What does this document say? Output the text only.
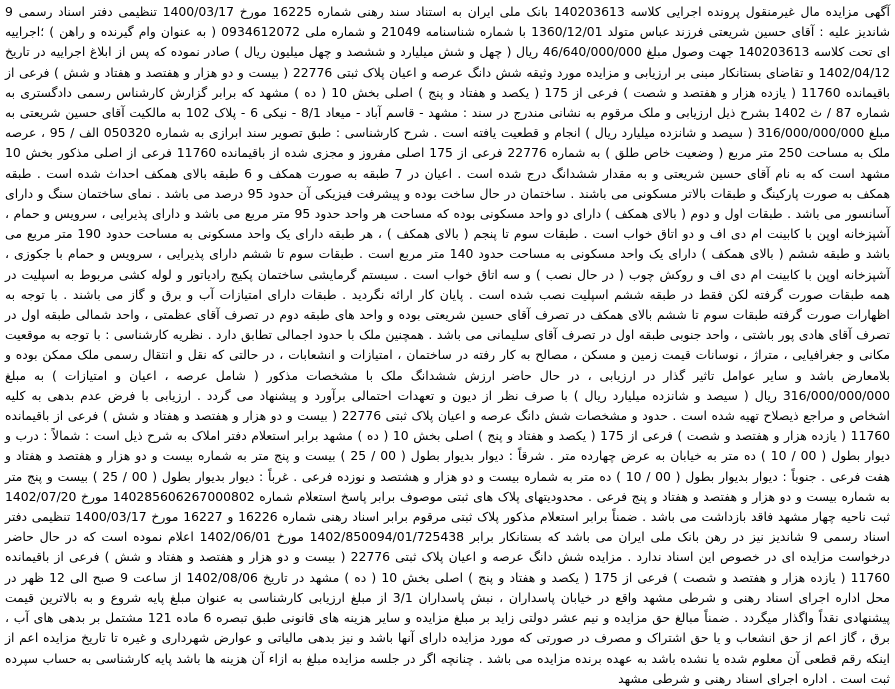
آگهی مزایده مال غیرمنقول پرونده اجرایی کلاسه 140203613 بانک ملی ایران به استناد سند رهنی شماره 16225 مورخ 1400/03/17 تنظیمی دفتر اسناد رسمی 9 شاندیز علیه : آقای حسین شریعتی فرزند عباس متولد 1360/12/01 با شماره شناسنامه 21049 و شماره ملی 0934612072 ( به عنوان وام گیرنده و راهن ) ؛اجراییه ای تحت کلاسه 140203613 جهت وصول مبلغ 46/640/000/000 ریال ( چهل و شش میلیارد و ششصد و چهل میلیون ریال ) صادر نموده که پس از ابلاغ اجراییه در تاریخ 1402/04/12 و تقاضای بستانکار مبنی بر ارزیابی و مزایده مورد وثیقه شش دانگ عرصه و اعیان پلاک ثبتی 22776 ( بیست و دو هزار و هفتصد و هفتاد و شش ) فرعی از باقیمانده 11760 ( یازده هزار و هفتصد و شصت ) فرعی از 175 ( یکصد و هفتاد و پنج ) اصلی بخش 10 ( ده ) مشهد که برابر گزارش کارشناس رسمی دادگستری به شماره 87 / ث 1402 بشرح ذیل ارزیابی و ملک مرقوم به نشانی مندرج در سند : مشهد - قاسم آباد - میعاد 8/1 - نیکی 6 - پلاک 102 به مالکیت آقای حسین شریعتی به مبلغ 316/000/000/000 ( سیصد و شانزده میلیارد ریال ) انجام و قطعیت یافته است . شرح کارشناسی : طبق تصویر سند ابرازی به شماره 050320 الف / 95 ، عرصه ملک به مساحت 250 متر مربع ( وضعیت خاص طلق ) به شماره 22776 فرعی از 175 اصلی مفروز و مجزی شده از باقیمانده 11760 فرعی از اصلی مذکور بخش 10 مشهد است که به نام آقای حسین شریعتی و به مقدار ششدانگ درج شده است . اعیان در 7 طبقه به صورت همکف و 6 طبقه بالای همکف احداث شده است . طبقه همکف به صورت پارکینگ و طبقات بالاتر مسکونی می باشند . ساختمان در حال ساخت بوده و پیشرفت فیزیکی آن حدود 95 درصد می باشد . نمای ساختمان سنگ و دارای آسانسور می باشد . طبقات اول و دوم ( بالای همکف ) دارای دو واحد مسکونی بوده که مساحت هر واحد حدود 95 متر مربع می باشد و دارای پذیرایی ، سرویس و حمام ، آشپزخانه اوپن با کابینت ام دی اف و دو اتاق خواب است . طبقات سوم تا پنجم ( بالای همکف ) ، هر طبقه دارای یک واحد مسکونی به مساحت حدود 190 متر مربع می باشد و طبقه ششم ( بالای همکف ) دارای یک واحد مسکونی به مساحت حدود 140 متر مربع است . طبقات سوم تا ششم دارای پذیرایی ، سرویس و حمام با جکوزی ، آشپزخانه اوپن با کابینت ام دی اف و روکش چوب ( در حال نصب ) و سه اتاق خواب است . سیستم گرمایشی ساختمان پکیج رادیاتور و لوله کشی مربوط به اسپلیت در همه طبقات صورت گرفته لکن فقط در طبقه ششم اسپلیت نصب شده است . پایان کار ارائه نگردید . طبقات دارای امتیازات آب و برق و گاز می باشند . با توجه به اظهارات صورت گرفته طبقات سوم تا ششم بالای همکف در تصرف آقای حسین شریعتی بوده و واحد های طبقه دوم در تصرف آقای عظمتی ، واحد شمالی طبقه اول در تصرف آقای هادی پور باشتی ، واحد جنوبی طبقه اول در تصرف آقای سلیمانی می باشد . همچنین ملک با حدود اجمالی تطابق دارد . نظریه کارشناسی : با توجه به موقعیت مکانی و جغرافیایی ، متراژ ، نوسانات قیمت زمین و مسکن ، مصالح به کار رفته در ساختمان ، امتیازات و انشعابات ، در حالتی که نقل و انتقال رسمی ملک ممکن بوده و بلامعارض باشد و سایر عوامل تاثیر گذار در ارزیابی ، در حال حاضر ارزش ششدانگ ملک با مشخصات مذکور ( شامل عرصه ، اعیان و امتیازات ) به مبلغ 316/000/000/000 ریال ( سیصد و شانزده میلیارد ریال ) با صرف نظر از دیون و تعهدات احتمالی برآورد و پیشنهاد می گردد . ارزیابی با فرض عدم بدهی به کلیه اشخاص و مراجع ذیصلاح تهیه شده است . حدود و مشخصات شش دانگ عرصه و اعیان پلاک ثبتی 22776 ( بیست و دو هزار و هفتصد و هفتاد و شش ) فرعی از باقیمانده 11760 ( یازده هزار و هفتصد و شصت ) فرعی از 175 ( یکصد و هفتاد و پنج ) اصلی بخش 10 ( ده ) مشهد برابر استعلام دفتر املاک به شرح ذیل است : شمالاً : درب و دیوار بطول ( 00 / 10 ) ده متر به خیابان به عرض چهارده متر . شرقاً : دیوار بدیوار بطول ( 00 / 25 ) بیست و پنج متر به شماره بیست و دو هزار و هفتصد و هفتاد و هفت فرعی . جنوباً : دیوار بدیوار بطول ( 00 / 10 ) ده متر به شماره بیست و دو هزار و هشتصد و نوزده فرعی . غرباً : دیوار بدیوار بطول ( 00 / 25 ) بیست و پنج متر به شماره بیست و دو هزار و هفتصد و هفتاد و پنج فرعی . محدودیتهای پلاک های ثبتی موصوف برابر پاسخ استعلام شماره 140285606267000802 مورخ 1402/07/20 ثبت ناحیه چهار مشهد فاقد بازداشت می باشد . ضمناً برابر استعلام مذکور پلاک ثبتی مرقوم برابر اسناد رهنی شماره 16226 و 16227 مورخ 1400/03/17 تنظیمی دفتر اسناد رسمی 9 شاندیز نیز در رهن بانک ملی ایران می باشد که بستانکار برابر 1402/850094/01/725438 مورخ 1402/06/01 اعلام نموده است که در حال حاضر درخواست مزایده ای در خصوص این اسناد ندارد . مزایده شش دانگ عرصه و اعیان پلاک ثبتی 22776 ( بیست و دو هزار و هفتصد و هفتاد و شش ) فرعی از باقیمانده 11760 ( یازده هزار و هفتصد و شصت ) فرعی از 175 ( یکصد و هفتاد و پنج ) اصلی بخش 10 ( ده ) مشهد در تاریخ 1402/08/06 از ساعت 9 صبح الی 12 ظهر در محل اداره اجرای اسناد رهنی و شرطی مشهد واقع در خیابان پاسداران ، نبش پاسداران 3/1 از مبلغ ارزیابی کارشناسی به عنوان مبلغ پایه شروع و به بالاترین قیمت پیشنهادی نقداً واگذار میگردد . ضمناً مبالغ حق مزایده و نیم عشر دولتی زاید بر مبلغ مزایده و سایر هزینه های قانونی طبق تبصره 6 ماده 121 مشتمل بر بدهی های آب ، برق ، گاز اعم از حق انشعاب و یا حق اشتراک و مصرف در صورتی که مورد مزایده دارای آنها باشد و نیز بدهی مالیاتی و عوارض شهرداری و غیره تا تاریخ مزایده اعم از اینکه رقم قطعی آن معلوم شده یا نشده باشد به عهده برنده مزایده می باشد . چنانچه اگر در جلسه مزایده مبلغ به ازاء آن هزینه ها باشد پایه کارشناسی به حساب سپرده ثبت است . اداره اجرای اسناد رهنی و شرطی مشهد
